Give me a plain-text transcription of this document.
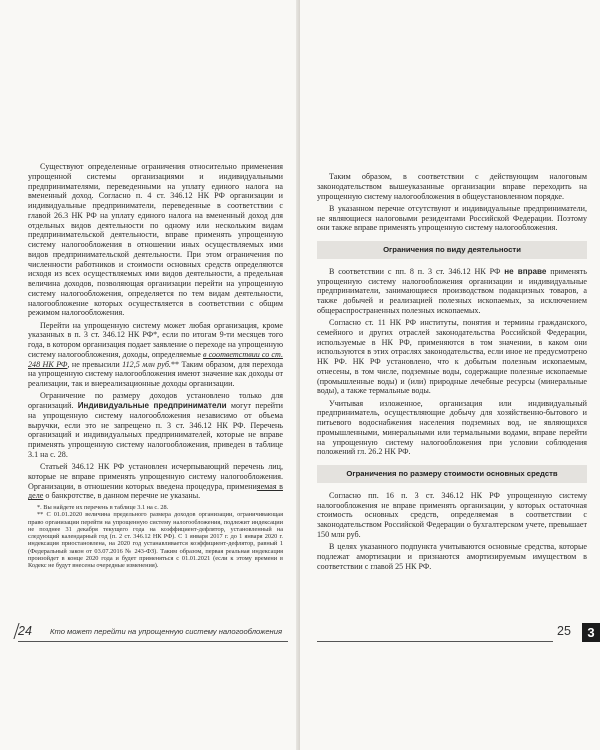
Существуют определенные ограничения относительно применения упрощенной системы организациями и индивидуальными предпринимателями, переведенными на уплату единого налога на вмененный доход. Согласно п. 4 ст. 346.12 НК РФ организации и индивидуальные предприниматели, переведенные в соответствии с главой 26.3 НК РФ на уплату единого налога на вмененный доход для отдельных видов деятельности по одному или нескольким видам предпринимательской деятельности, вправе применять упрощенную систему налогообложения в отношении иных осуществляемых ими видов предпринимательской деятельности. При этом ограничения по численности работников и стоимости основных средств определяются исходя из всех осуществляемых ими видов деятельности, а предельная величина доходов, позволяющая организации перейти на упрощенную систему налогообложения, определяется по тем видам деятельности, налогообложение которых осуществляется в соответствии с общим режимом налогообложения.

Перейти на упрощенную систему может любая организация, кроме указанных в п. 3 ст. 346.12 НК РФ*, если по итогам 9-ти месяцев того года, в котором организация подает заявление о переходе на упрощенную систему налогообложения, доходы, определяемые в соответствии со ст. 248 НК РФ, не превысили 112,5 млн руб.** Таким образом, для перехода на упрощенную систему налогообложения имеют значение как доходы от реализации, так и внереализационные доходы организации.

Ограничение по размеру доходов установлено только для организаций. Индивидуальные предприниматели могут перейти на упрощенную систему налогообложения независимо от объема выручки, если это не запрещено п. 3 ст. 346.12 НК РФ. Перечень организаций и индивидуальных предпринимателей, которые не вправе применять упрощенную систему налогообложения, приведен в таблице 3.1 на с. 28.

Статьей 346.12 НК РФ установлен исчерпывающий перечень лиц, которые не вправе применять упрощенную систему налогообложения. Организации, в отношении которых введена процедура, применияемая в деле о банкротстве, в данном перечне не указаны.

*. Вы найдете их перечень в таблице 3.1 на с. 28.

** С 01.01.2020 величина предельного размера доходов организации, ограничивающая право организации перейти на упрощенную систему налогообложения, подлежит индексации не позднее 31 декабря текущего года на коэффициент-дефлятор, установленный на следующий календарный год (п. 2 ст. 346.12 НК РФ). С 1 января 2017 г. до 1 января 2020 г. индексация приостановлена, на 2020 год устанавливается коэффициент-дефлятор, равный 1 (Федеральный закон от 03.07.2016 № 243-ФЗ). Таким образом, первая реальная индексация произойдет в конце 2020 года и будет применяться с 01.01.2021 (если к этому времени в Кодекс не будут внесены очередные изменения).

24 Кто может перейти на упрощенную систему налогообложения

Таким образом, в соответствии с действующим налоговым законодательством вышеуказанные организации вправе переходить на упрощенную систему налогообложения в общеустановленном порядке.

В указанном перечне отсутствуют и индивидуальные предприниматели, не являющиеся налоговыми резидентами Российской Федерации. Поэтому они также вправе применять упрощенную систему налогообложения.

Ограничения по виду деятельности

В соответствии с пп. 8 п. 3 ст. 346.12 НК РФ не вправе применять упрощенную систему налогообложения организации и индивидуальные предприниматели, занимающиеся производством подакцизных товаров, а также добычей и реализацией полезных ископаемых, за исключением общераспространенных полезных ископаемых.

Согласно ст. 11 НК РФ институты, понятия и термины гражданского, семейного и других отраслей законодательства Российской Федерации, используемые в НК РФ, применяются в том значении, в каком они используются в этих отраслях законодательства, если иное не предусмотрено НК РФ. НК РФ установлено, что к добытым полезным ископаемым, отнесены, в том числе, подземные воды, содержащие полезные ископаемые (промышленные воды) и (или) природные лечебные ресурсы (минеральные воды), а также термальные воды.

Учитывая изложенное, организация или индивидуальный предприниматель, осуществляющие добычу для хозяйственно-бытового и питьевого водоснабжения населения подземных вод, не являющихся промышленными, минеральными или термальными водами, вправе перейти на упрощенную систему налогообложения при условии соблюдения положений гл. 26.2 НК РФ.

Ограничения по размеру стоимости основных средств

Согласно пп. 16 п. 3 ст. 346.12 НК РФ упрощенную систему налогообложения не вправе применять организации, у которых остаточная стоимость основных средств, определяемая в соответствии с законодательством Российской Федерации о бухгалтерском учете, превышает 150 млн руб.

В целях указанного подпункта учитываются основные средства, которые подлежат амортизации и признаются амортизируемым имуществом в соответствии с главой 25 НК РФ.

25	3
